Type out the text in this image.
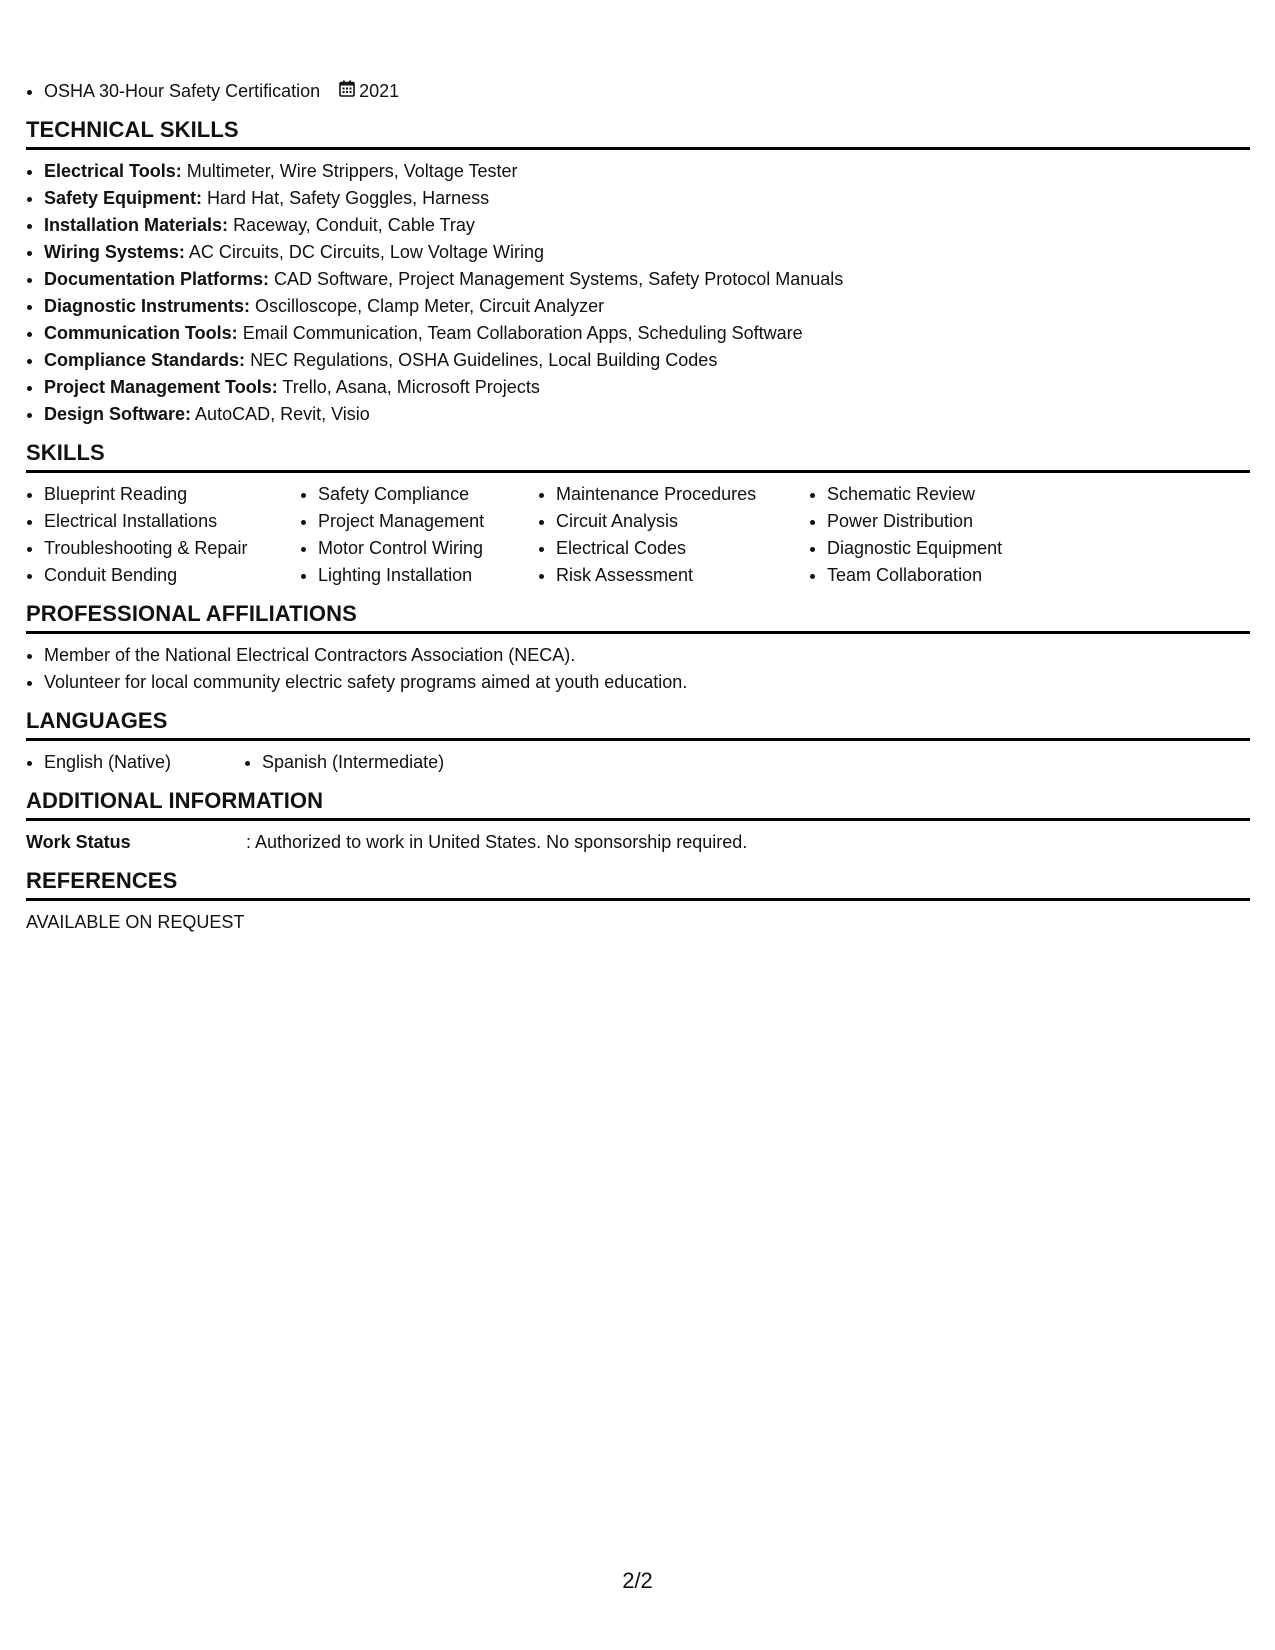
• OSHA 30-Hour Safety Certification 2021
TECHNICAL SKILLS
• Electrical Tools: Multimeter, Wire Strippers, Voltage Tester
• Safety Equipment: Hard Hat, Safety Goggles, Harness
• Installation Materials: Raceway, Conduit, Cable Tray
• Wiring Systems: AC Circuits, DC Circuits, Low Voltage Wiring
• Documentation Platforms: CAD Software, Project Management Systems, Safety Protocol Manuals
• Diagnostic Instruments: Oscilloscope, Clamp Meter, Circuit Analyzer
• Communication Tools: Email Communication, Team Collaboration Apps, Scheduling Software
• Compliance Standards: NEC Regulations, OSHA Guidelines, Local Building Codes
• Project Management Tools: Trello, Asana, Microsoft Projects
• Design Software: AutoCAD, Revit, Visio
SKILLS
• Blueprint Reading
• Electrical Installations
• Troubleshooting & Repair
• Conduit Bending
• Safety Compliance
• Project Management
• Motor Control Wiring
• Lighting Installation
• Maintenance Procedures
• Circuit Analysis
• Electrical Codes
• Risk Assessment
• Schematic Review
• Power Distribution
• Diagnostic Equipment
• Team Collaboration
PROFESSIONAL AFFILIATIONS
• Member of the National Electrical Contractors Association (NECA).
• Volunteer for local community electric safety programs aimed at youth education.
LANGUAGES
• English (Native)
•	Spanish (Intermediate)
ADDITIONAL INFORMATION
Work Status	: Authorized to work in United States. No sponsorship required.
REFERENCES
AVAILABLE ON REQUEST
2/2
